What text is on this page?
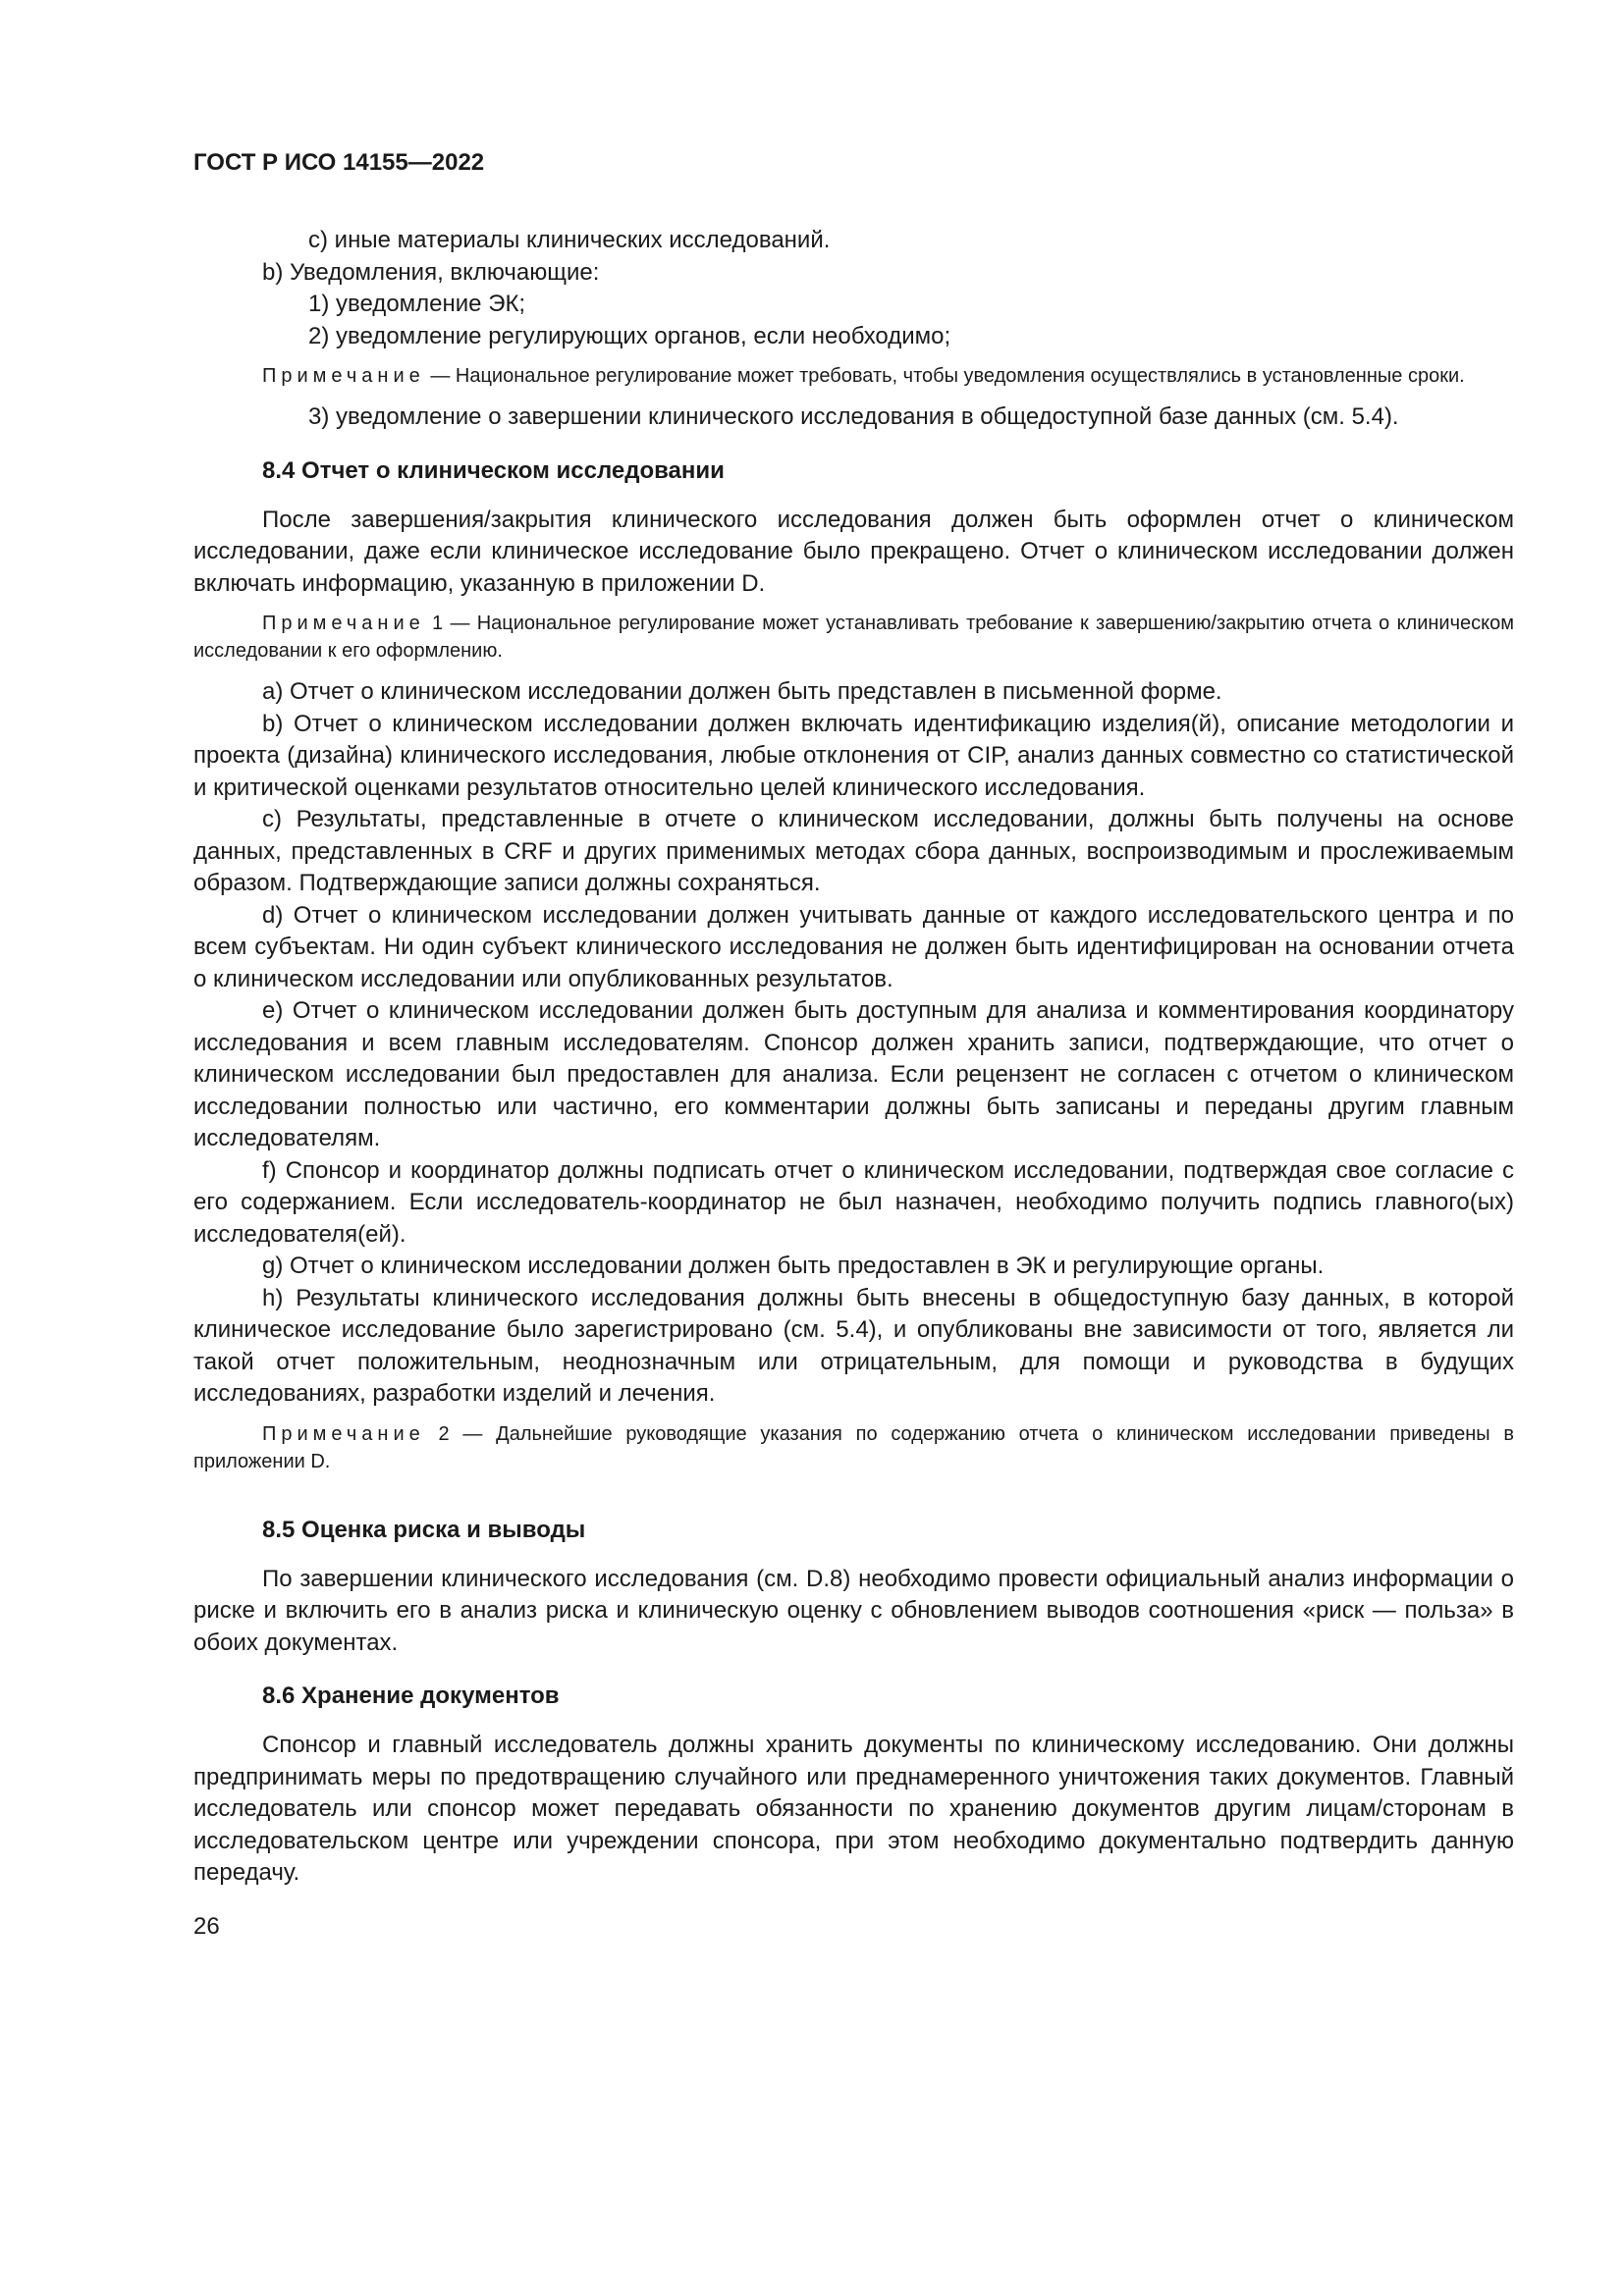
ГОСТ Р ИСО 14155—2022

c) иные материалы клинических исследований.

b) Уведомления, включающие:

1) уведомление ЭК;

2) уведомление регулирующих органов, если необходимо;

Примечание — Национальное регулирование может требовать, чтобы уведомления осуществлялись в установленные сроки.

3) уведомление о завершении клинического исследования в общедоступной базе данных (см. 5.4).

8.4 Отчет о клиническом исследовании

После завершения/закрытия клинического исследования должен быть оформлен отчет о клиническом исследовании, даже если клиническое исследование было прекращено. Отчет о клиническом исследовании должен включать информацию, указанную в приложении D.

Примечание 1 — Национальное регулирование может устанавливать требование к завершению/закрытию отчета о клиническом исследовании к его оформлению.

a) Отчет о клиническом исследовании должен быть представлен в письменной форме.

b) Отчет о клиническом исследовании должен включать идентификацию изделия(й), описание методологии и проекта (дизайна) клинического исследования, любые отклонения от CIP, анализ данных совместно со статистической и критической оценками результатов относительно целей клинического исследования.

c) Результаты, представленные в отчете о клиническом исследовании, должны быть получены на основе данных, представленных в CRF и других применимых методах сбора данных, воспроизводимым и прослеживаемым образом. Подтверждающие записи должны сохраняться.

d) Отчет о клиническом исследовании должен учитывать данные от каждого исследовательского центра и по всем субъектам. Ни один субъект клинического исследования не должен быть идентифицирован на основании отчета о клиническом исследовании или опубликованных результатов.

e) Отчет о клиническом исследовании должен быть доступным для анализа и комментирования координатору исследования и всем главным исследователям. Спонсор должен хранить записи, подтверждающие, что отчет о клиническом исследовании был предоставлен для анализа. Если рецензент не согласен с отчетом о клиническом исследовании полностью или частично, его комментарии должны быть записаны и переданы другим главным исследователям.

f) Спонсор и координатор должны подписать отчет о клиническом исследовании, подтверждая свое согласие с его содержанием. Если исследователь-координатор не был назначен, необходимо получить подпись главного(ых) исследователя(ей).

g) Отчет о клиническом исследовании должен быть предоставлен в ЭК и регулирующие органы.

h) Результаты клинического исследования должны быть внесены в общедоступную базу данных, в которой клиническое исследование было зарегистрировано (см. 5.4), и опубликованы вне зависимости от того, является ли такой отчет положительным, неоднозначным или отрицательным, для помощи и руководства в будущих исследованиях, разработки изделий и лечения.

Примечание 2 — Дальнейшие руководящие указания по содержанию отчета о клиническом исследовании приведены в приложении D.
8.5 Оценка риска и выводы

По завершении клинического исследования (см. D.8) необходимо провести официальный анализ информации о риске и включить его в анализ риска и клиническую оценку с обновлением выводов соотношения «риск — польза» в обоих документах.

8.6 Хранение документов

Спонсор и главный исследователь должны хранить документы по клиническому исследованию. Они должны предпринимать меры по предотвращению случайного или преднамеренного уничтожения таких документов. Главный исследователь или спонсор может передавать обязанности по хранению документов другим лицам/сторонам в исследовательском центре или учреждении спонсора, при этом необходимо документально подтвердить данную передачу.

26
